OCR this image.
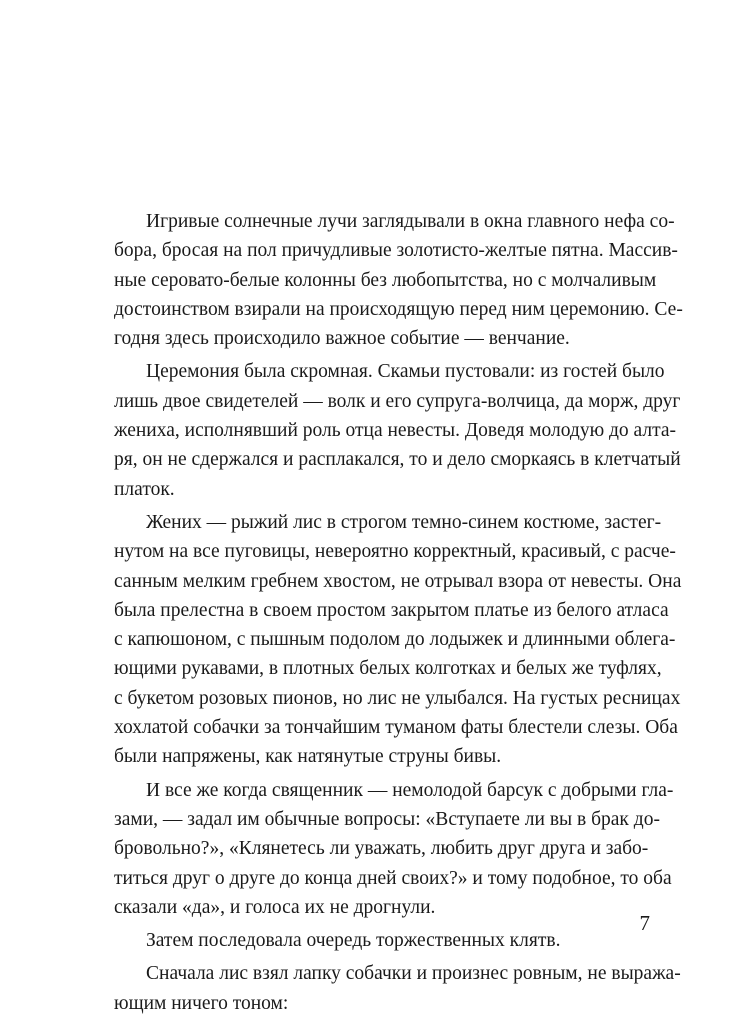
Игривые солнечные лучи заглядывали в окна главного нефа со-
бора, бросая на пол причудливые золотисто-желтые пятна. Массив-
ные серовато-белые колонны без любопытства, но с молчаливым
достоинством взирали на происходящую перед ним церемонию. Се-
годня здесь происходило важное событие — венчание.
Церемония была скромная. Скамьи пустовали: из гостей было
лишь двое свидетелей — волк и его супруга-волчица, да морж, друг
жениха, исполнявший роль отца невесты. Доведя молодую до алта-
ря, он не сдержался и расплакался, то и дело сморкаясь в клетчатый
платок.
Жених — рыжий лис в строгом темно-синем костюме, застег-
нутом на все пуговицы, невероятно корректный, красивый, с расче-
санным мелким гребнем хвостом, не отрывал взора от невесты. Она
была прелестна в своем простом закрытом платье из белого атласа
с капюшоном, с пышным подолом до лодыжек и длинными облега-
ющими рукавами, в плотных белых колготках и белых же туфлях,
с букетом розовых пионов, но лис не улыбался. На густых ресницах
хохлатой собачки за тончайшим туманом фаты блестели слезы. Оба
были напряжены, как натянутые струны бивы.
И все же когда священник — немолодой барсук с добрыми гла-
зами, — задал им обычные вопросы: «Вступаете ли вы в брак до-
бровольно?», «Клянетесь ли уважать, любить друг друга и забо-
титься друг о друге до конца дней своих?» и тому подобное, то оба
сказали «да», и голоса их не дрогнули.
Затем последовала очередь торжественных клятв.
Сначала лис взял лапку собачки и произнес ровным, не выража-
ющим ничего тоном:
7
